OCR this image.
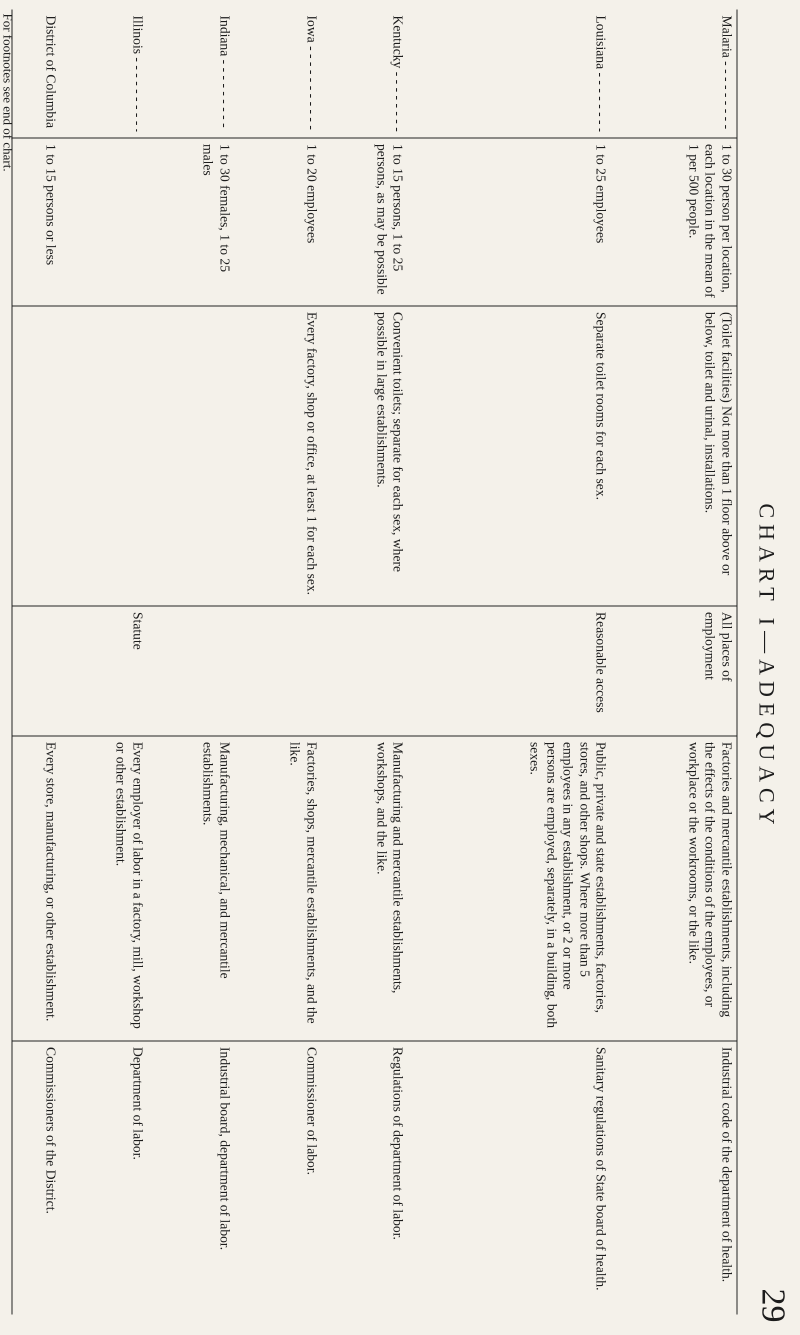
CHART I—ADEQUACY
29
Malaria - - -	1 to 30 person per location, each location in the mean of 1 per 500 people.	(Toilet facilities) Not more than 1 floor above or below, toilet and urinal, installations.	All places of employment	Factories and mercantile establishments, including the effects of the conditions of the employees, or workplace or the workrooms, or the like.	Industrial code of the department of health.

Louisiana - - -	1 to 25 employees	Separate toilet rooms for each sex.	Reasonable access	Public, private and state establishments, factories, stores, and other shops. Where more than 5 employees in any establishment, or 2 or more persons are employed, separately, in a building, both sexes.	Sanitary regulations of State board of health.

Kentucky - - -	1 to 15 persons, 1 to 25 persons, as may be possible	Convenient toilets; separate for each sex, where possible in large establishments.		Manufacturing and mercantile establishments, workshops, and the like.	Regulations of department of labor.

Iowa - - -	1 to 20 employees	Every factory, shop or office, at least 1 for each sex.		Factories, shops, mercantile establishments, and the like.	Commissioner of labor.

Indiana - - -	1 to 30 females, 1 to 25 males			Manufacturing, mechanical, and mercantile establishments.	Industrial board, department of labor.

Illinois - - -			Statute	Every employer of labor in a factory, mill, workshop or other establishment.	Department of labor.

District of Columbia - - -	1 to 15 persons or less			Every store, manufacturing, or other establishment.	Commissioners of the District.
For footnotes see end of chart.
